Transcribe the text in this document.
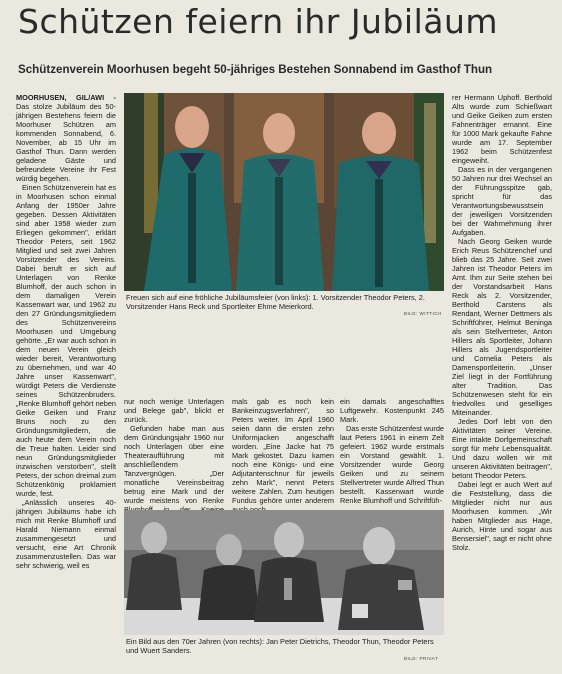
Schützen feiern ihr Jubiläum
Schützenverein Moorhusen begeht 50-jähriges Bestehen Sonnabend im Gasthof Thun

MOORHUSEN, GIL/AWI - Das stolze Jubiläum des 50-jährigen Bestehens feiern die Moorhuser Schützen am kommenden Sonnabend, 6. November, ab 15 Uhr im Gasthof Thun. Dann werden geladene Gäste und befreundete Vereine ihr Fest würdig begehen.

Einen Schützenverein hat es in Moorhusen schon einmal Anfang der 1950er Jahre gegeben. Dessen Aktivitäten sind aber 1958 wieder zum Erliegen gekommen", erklärt Theodor Peters, seit 1962 Mitglied und seit zwei Jahren Vorsitzender des Vereins. Dabei beruft er sich auf Unterlagen von Renke Blumhoff, der auch schon in dem damaligen Verein Kassenwart war, und 1962 zu den 27 Gründungsmitgliedern des Schützenvereins Moorhusen und Umgebung gehörte. „Er war auch schon in dem neuen Verein gleich wieder bereit, Verantwortung zu übernehmen, und war 40 Jahre unser Kassenwart", würdigt Peters die Verdienste seines Schützenbruders. „Renke Blumhoff gehört neben Geike Geiken und Franz Bruns noch zu den Gründungsmitgliedern, die auch heute dem Verein noch die Treue halten. Leider sind neun Gründungsmitglieder inzwischen verstorben", stellt Peters, der schon dreimal zum Schützenkönig proklamiert wurde, fest.

„Anlässlich unseres 40-jährigen Jubiläums habe ich mich mit Renke Blumhoff und Harald Niemann einmal zusammengesetzt und versucht, eine Art Chronik zusammenzustellen. Das war sehr schwierig, weil es

Freuen sich auf eine fröhliche Jubiläumsfeier (von links): 1. Vorsitzender Theodor Peters, 2. Vorsitzender Hans Reck und Sportleiter Ehme Meierkord.
BILD: WITTICH

nur noch wenige Unterlagen und Belege gab", blickt er zurück.

Gefunden habe man aus dem Gründungsjahr 1960 nur noch Unterlagen über eine Theateraufführung mit anschließendem Tanzvergnügen. „Der monatliche Vereinsbeitrag betrug eine Mark und der wurde meistens von Renke

mals gab es noch kein Bankeinzugsverfahren", so Peters weiter. Im April 1960 seien dann die ersten zehn Uniformjacken angeschafft worden. „Eine Jacke hat 75 Mark gekostet. Dazu kamen noch eine Königs- und eine Adjutantenschnur für jeweils zehn Mark", nennt Peters weitere Zahlen. Zum heutigen Fundus gehöre unter anderem

ein damals angeschafftes Luftgewehr. Kostenpunkt 245 Mark.

Das erste Schützenfest wurde laut Peters 1961 in einem Zelt gefeiert. 1962 wurde erstmals ein Vorstand gewählt. 1. Vorsitzender wurde Georg Geiken und zu seinem Stellvertreter wurde Alfred Thun bestellt. Kassenwart wurde Renke Blumhoff und Schriftfüh-

Ein Bild aus den 70er Jahren (von rechts): Jan Peter Dietrichs, Theodor Thun, Theodor Peters und Wuert Sanders.
BILD: PRIVAT

rer Hermann Uphoff. Berthold Alts wurde zum Schießwart und Geike Geiken zum ersten Fahnenträger ernannt. Eine für 1000 Mark gekaufte Fahne wurde am 17. September 1962 beim Schützenfest eingeweiht.

Dass es in der vergangenen 50 Jahren nur drei Wechsel an der Führungsspitze gab, spricht für das Verantwortungsbewusstsein der jeweiligen Vorsitzenden bei der Wahrnehmung ihrer Aufgaben.

Nach Georg Geiken wurde Erich Reus Schützenchef und blieb das 25 Jahre. Seit zwei Jahren ist Theodor Peters im Amt. Ihm zur Seite stehen bei der Vorstandsarbeit Hans Reck als 2. Vorsitzender, Berthold Carstens als Rendant, Werner Dettmers als Schriftführer, Helmut Beninga als sein Stellvertreter, Anton Hillers als Sportleiter, Johann Hillers als Jugendsportleiter und Cornelia Peters als Damensportleiterin. „Unser Ziel liegt in der Fortführung alter Tradition. Das Schützenwesen steht für ein friedvolles und geselliges Miteinander.

Jedes Dorf lebt von den Aktivitäten seiner Vereine. Eine intakte Dorfgemeinschaft sorgt für mehr Lebensqualität. Und dazu wollen wir mit unseren Aktivitäten beitragen", betont Theodor Peters.

Dabei legt er auch Wert auf die Feststellung, dass die Mitglieder nicht nur aus Moorhusen kommen. „Wir haben Mitglieder aus Hage, Aurich, Hinte und sogar aus Bensersiel", sagt er nicht ohne Stolz.
